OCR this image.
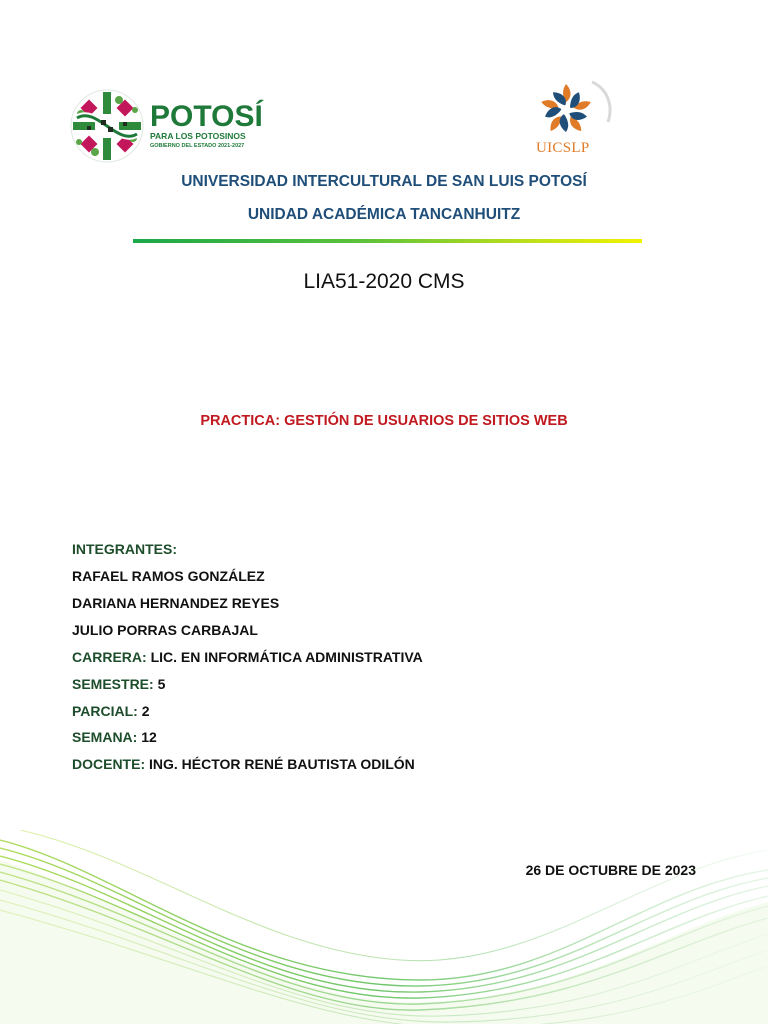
POTOSÍ
PARA LOS POTOSINOS
GOBIERNO DEL ESTADO 2021-2027	UICSLP
UNIVERSIDAD INTERCULTURAL DE SAN LUIS POTOSÍ
UNIDAD ACADÉMICA TANCANHUITZ
LIA51-2020 CMS
PRACTICA: GESTIÓN DE USUARIOS DE SITIOS WEB
INTEGRANTES:
RAFAEL RAMOS GONZÁLEZ
DARIANA HERNANDEZ REYES
JULIO PORRAS CARBAJAL
CARRERA: LIC. EN INFORMÁTICA ADMINISTRATIVA
SEMESTRE: 5
PARCIAL: 2
SEMANA: 12
DOCENTE: ING. HÉCTOR RENÉ BAUTISTA ODILÓN
26 DE OCTUBRE DE 2023
